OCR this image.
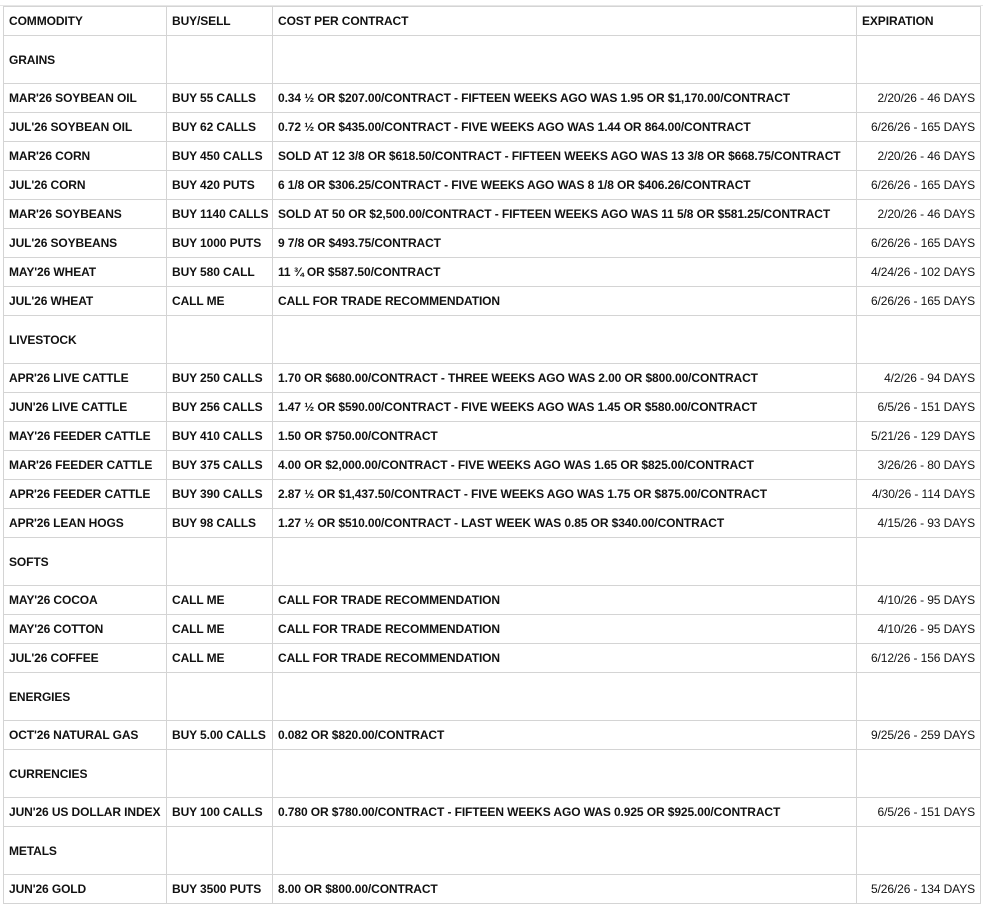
COMMODITY	BUY/SELL	COST PER CONTRACT	EXPIRATION
GRAINS			
MAR'26 SOYBEAN OIL	BUY 55 CALLS	0.34 ½ OR $207.00/CONTRACT - FIFTEEN WEEKS AGO WAS 1.95 OR $1,170.00/CONTRACT	2/20/26 - 46 DAYS
JUL'26 SOYBEAN OIL	BUY 62 CALLS	0.72 ½ OR $435.00/CONTRACT - FIVE WEEKS AGO WAS 1.44 OR 864.00/CONTRACT	6/26/26 - 165 DAYS
MAR'26 CORN	BUY 450 CALLS	SOLD AT 12 3/8 OR $618.50/CONTRACT - FIFTEEN WEEKS AGO WAS 13 3/8 OR $668.75/CONTRACT	2/20/26 - 46 DAYS
JUL'26 CORN	BUY 420 PUTS	6 1/8 OR $306.25/CONTRACT - FIVE WEEKS AGO WAS 8 1/8 OR $406.26/CONTRACT	6/26/26 - 165 DAYS
MAR'26 SOYBEANS	BUY 1140 CALLS	SOLD AT 50 OR $2,500.00/CONTRACT - FIFTEEN WEEKS AGO WAS 11 5/8 OR $581.25/CONTRACT	2/20/26 - 46 DAYS
JUL'26 SOYBEANS	BUY 1000 PUTS	9 7/8 OR $493.75/CONTRACT	6/26/26 - 165 DAYS
MAY'26 WHEAT	BUY 580 CALL	11 ¾ OR $587.50/CONTRACT	4/24/26 - 102 DAYS
JUL'26 WHEAT	CALL ME	CALL FOR TRADE RECOMMENDATION	6/26/26 - 165 DAYS
LIVESTOCK			
APR'26 LIVE CATTLE	BUY 250 CALLS	1.70 OR $680.00/CONTRACT - THREE WEEKS AGO WAS 2.00 OR $800.00/CONTRACT	4/2/26 - 94 DAYS
JUN'26 LIVE CATTLE	BUY 256 CALLS	1.47 ½ OR $590.00/CONTRACT - FIVE WEEKS AGO WAS 1.45 OR $580.00/CONTRACT	6/5/26 - 151 DAYS
MAY'26 FEEDER CATTLE	BUY 410 CALLS	1.50 OR $750.00/CONTRACT	5/21/26 - 129 DAYS
MAR'26 FEEDER CATTLE	BUY 375 CALLS	4.00 OR $2,000.00/CONTRACT - FIVE WEEKS AGO WAS 1.65 OR $825.00/CONTRACT	3/26/26 - 80 DAYS
APR'26 FEEDER CATTLE	BUY 390 CALLS	2.87 ½ OR $1,437.50/CONTRACT - FIVE WEEKS AGO WAS 1.75 OR $875.00/CONTRACT	4/30/26 - 114 DAYS
APR'26 LEAN HOGS	BUY 98 CALLS	1.27 ½ OR $510.00/CONTRACT - LAST WEEK WAS 0.85 OR $340.00/CONTRACT	4/15/26 - 93 DAYS
SOFTS			
MAY'26 COCOA	CALL ME	CALL FOR TRADE RECOMMENDATION	4/10/26 - 95 DAYS
MAY'26 COTTON	CALL ME	CALL FOR TRADE RECOMMENDATION	4/10/26 - 95 DAYS
JUL'26 COFFEE	CALL ME	CALL FOR TRADE RECOMMENDATION	6/12/26 - 156 DAYS
ENERGIES			
OCT'26 NATURAL GAS	BUY 5.00 CALLS	0.082 OR $820.00/CONTRACT	9/25/26 - 259 DAYS
CURRENCIES			
JUN'26 US DOLLAR INDEX	BUY 100 CALLS	0.780 OR $780.00/CONTRACT - FIFTEEN WEEKS AGO WAS 0.925 OR $925.00/CONTRACT	6/5/26 - 151 DAYS
METALS			
JUN'26 GOLD	BUY 3500 PUTS	8.00 OR $800.00/CONTRACT	5/26/26 - 134 DAYS
